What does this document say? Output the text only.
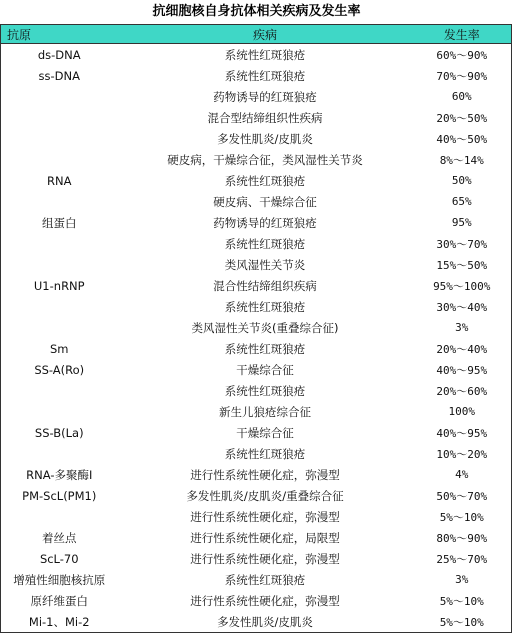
抗细胞核自身抗体相关疾病及发生率
抗原	疾病	发生率
ds-DNA	系统性红斑狼疮	60%～90%
ss-DNA	系统性红斑狼疮	70%～90%
	药物诱导的红斑狼疮	60%
	混合型结缔组织性疾病	20%～50%
	多发性肌炎/皮肌炎	40%～50%
	硬皮病，干燥综合征，类风湿性关节炎	8%～14%
RNA	系统性红斑狼疮	50%
	硬皮病、干燥综合征	65%
组蛋白	药物诱导的红斑狼疮	95%
	系统性红斑狼疮	30%～70%
	类风湿性关节炎	15%～50%
U1-nRNP	混合性结缔组织疾病	95%～100%
	系统性红斑狼疮	30%～40%
	类风湿性关节炎(重叠综合征)	3%
Sm	系统性红斑狼疮	20%～40%
SS-A(Ro)	干燥综合征	40%～95%
	系统性红斑狼疮	20%～60%
	新生儿狼疮综合征	100%
SS-B(La)	干燥综合征	40%～95%
	系统性红斑狼疮	10%～20%
RNA-多聚酶I	进行性系统性硬化症，弥漫型	4%
PM-ScL(PM1)	多发性肌炎/皮肌炎/重叠综合征	50%～70%
	进行性系统性硬化症，弥漫型	5%～10%
着丝点	进行性系统性硬化症，局限型	80%～90%
ScL-70	进行性系统性硬化症，弥漫型	25%～70%
增殖性细胞核抗原	系统性红斑狼疮	3%
原纤维蛋白	进行性系统性硬化症，弥漫型	5%～10%
Mi-1、Mi-2	多发性肌炎/皮肌炎	5%～10%
